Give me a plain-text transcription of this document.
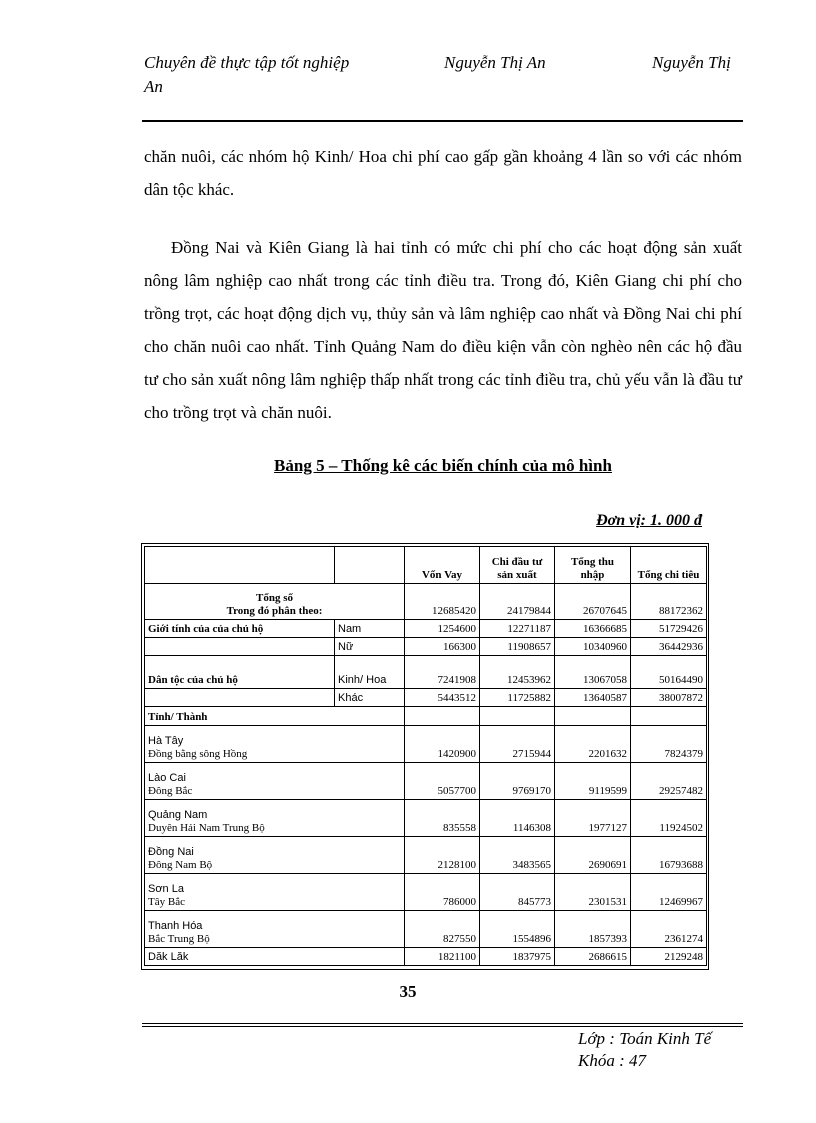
Chuyên đề thực tập tốt nghiệp	Nguyễn Thị An	Nguyễn Thị
An

chăn nuôi, các nhóm hộ Kinh/ Hoa chi phí cao gấp gần khoảng 4 lần so với các nhóm dân tộc khác.

Đồng Nai và Kiên Giang là hai tỉnh có mức chi phí cho các hoạt động sản xuất nông lâm nghiệp cao nhất trong các tỉnh điều tra. Trong đó, Kiên Giang chi phí cho trồng trọt, các hoạt động dịch vụ, thủy sản và lâm nghiệp cao nhất và Đồng Nai chi phí cho chăn nuôi cao nhất. Tỉnh Quảng Nam do điều kiện vẫn còn nghèo nên các hộ đầu tư cho sản xuất nông lâm nghiệp thấp nhất trong các tỉnh điều tra, chủ yếu vẫn là đầu tư cho trồng trọt và chăn nuôi.

Bảng 5 – Thống kê các biến chính của mô hình
Đơn vị: 1. 000 đ
		Vốn Vay	Chi đầu tư sản xuất	Tổng thu nhập	Tổng chi tiêu

Tổng số
Trong đó phân theo:		12685420	24179844	26707645	88172362
Giới tính của của chủ hộ	Nam	1254600	12271187	16366685	51729426
	Nữ	166300	11908657	10340960	36442936
Dân tộc của chủ hộ	Kinh/ Hoa	7241908	12453962	13067058	50164490
	Khác	5443512	11725882	13640587	38007872
Tỉnh/ Thành					

Hà Tây
Đồng bằng sông Hồng		1420900	2715944	2201632	7824379

Lào Cai
Đông Bắc		5057700	9769170	9119599	29257482

Quảng Nam
Duyên Hải Nam Trung Bộ		835558	1146308	1977127	11924502

Đồng Nai
Đông Nam Bộ		2128100	3483565	2690691	16793688

Sơn La
Tây Bắc		786000	845773	2301531	12469967

Thanh Hóa
Bắc Trung Bộ		827550	1554896	1857393	2361274
Dăk Lăk		1821100	1837975	2686615	2129248
35
Lớp : Toán Kinh Tế
Khóa : 47
